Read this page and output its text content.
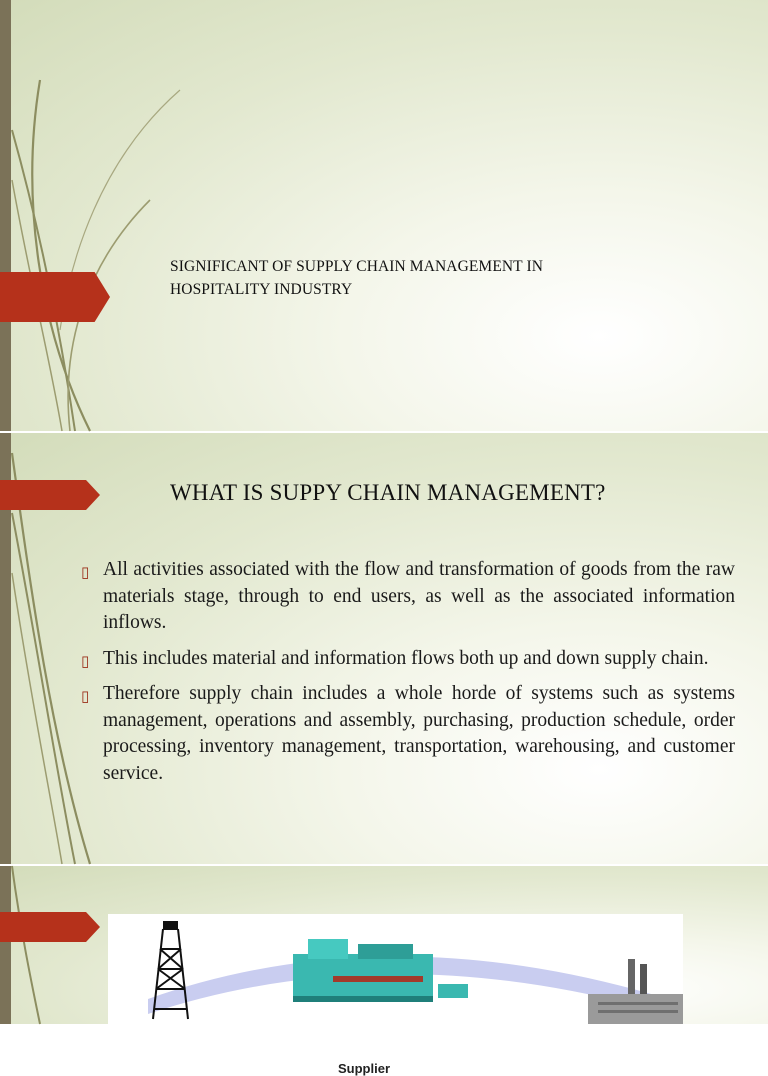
SIGNIFICANT OF SUPPLY CHAIN MANAGEMENT IN
HOSPITALITY INDUSTRY
WHAT IS SUPPY CHAIN MANAGEMENT?
▯ All activities associated with the flow and transformation of goods from the raw materials stage, through to end users, as well as the associated information inflows.
▯ This includes material and information flows both up and down supply chain.
▯ Therefore supply chain includes a whole horde of systems such as systems management, operations and assembly, purchasing, production schedule, order processing, inventory management, transportation, warehousing, and customer service.
Supplier
